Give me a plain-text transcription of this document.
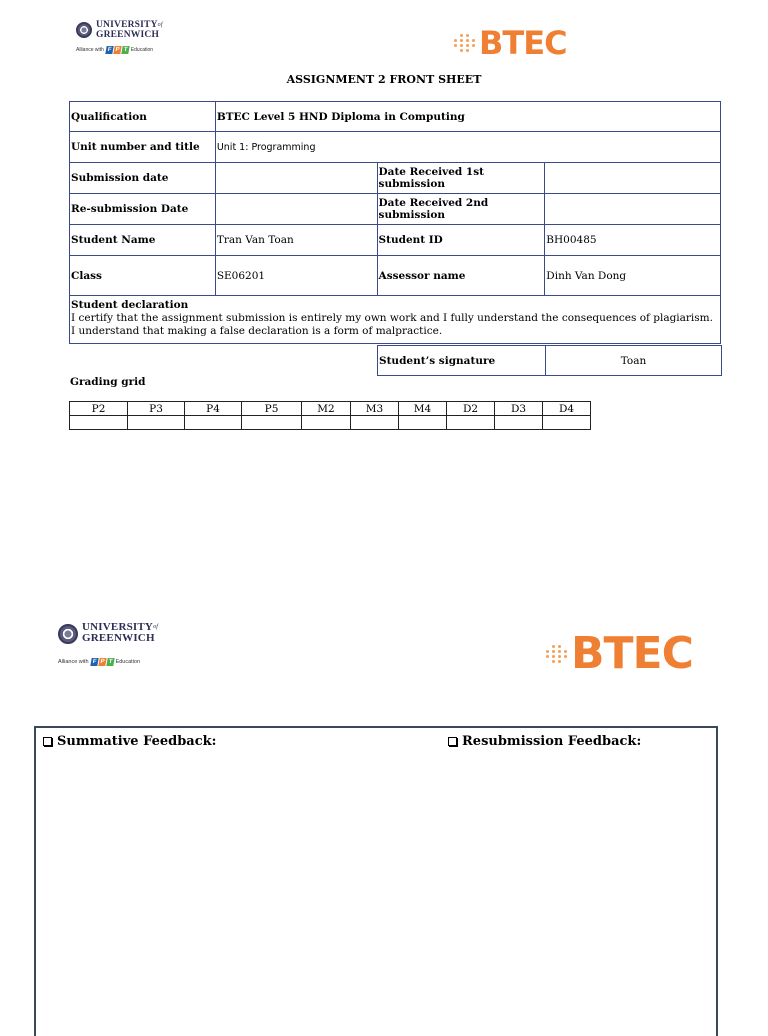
$UNIVERSITY^{of}$
GREENWICH
Alliance with F P T Education	BTEC
ASSIGNMENT 2 FRONT SHEET
Qualification	BTEC Level 5 HND Diploma in Computing		
Unit number and title	Unit 1: Programming		
Submission date		Date Received 1st submission	
Re-submission Date		Date Received 2nd submission	
Student Name	Tran Van Toan	Student ID	BH00485
Class	SE06201	Assessor name	Dinh Van Dong

Student declaration
I certify that the assignment submission is entirely my own work and I fully understand the consequences of plagiarism. I understand that making a false declaration is a form of malpractice.			
Student’s signature	Toan
Grading grid
P2	P3	P4	P5	M2	M3	M4	D2	D3	D4

$UNIVERSITY^{of}$
GREENWICH
Alliance with F P T Education	BTEC
Summative Feedback:	Resubmission Feedback:
